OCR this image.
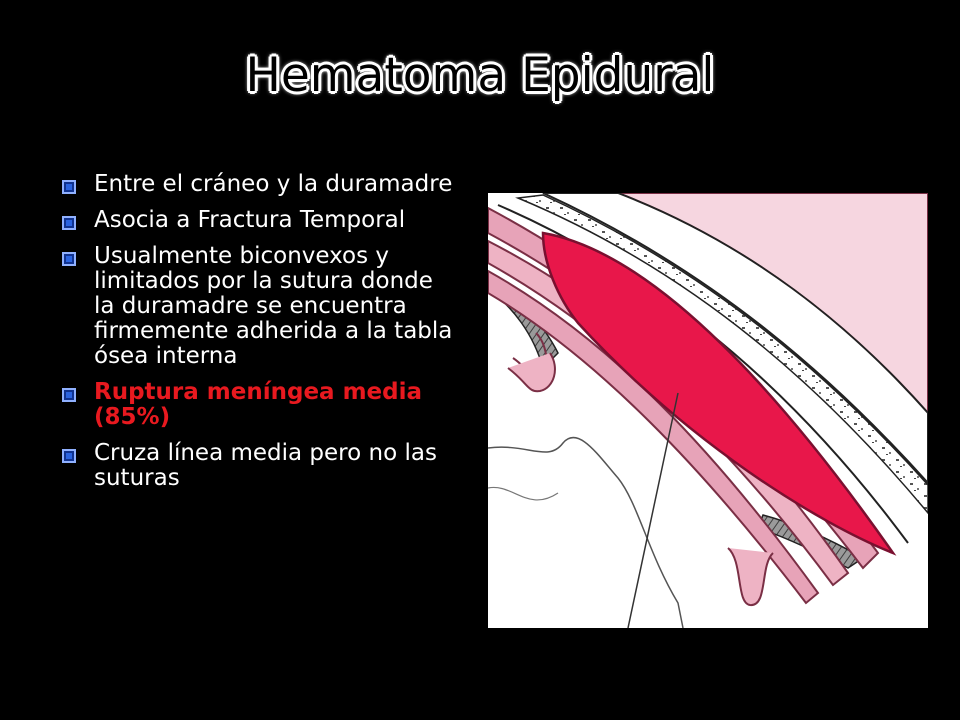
Hematoma Epidural
Entre el cráneo y la duramadre
Asocia a Fractura Temporal
Usualmente biconvexos y limitados por la sutura donde la duramadre se encuentra firmemente adherida a la tabla ósea interna
Ruptura meníngea media (85%)
Cruza línea media pero no las suturas
